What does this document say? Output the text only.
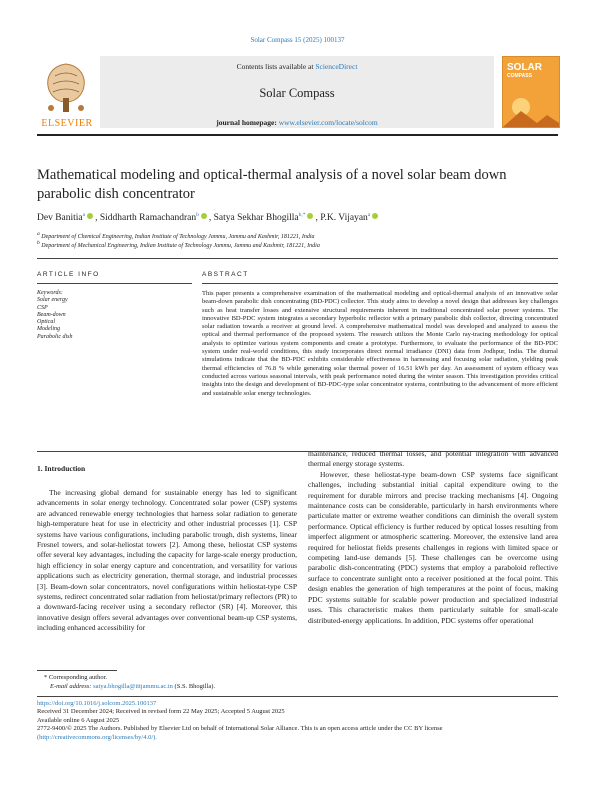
Solar Compass 15 (2025) 100137
ELSEVIER
Contents lists available at ScienceDirect
Solar Compass
journal homepage: www.elsevier.com/locate/solcom
SOLAR
COMPASS
Mathematical modeling and optical-thermal analysis of a novel solar beam down parabolic dish concentrator
Dev Banitia$^a$ , Siddharth Ramachandran$^b$ , Satya Sekhar Bhogilla$^{b,*}$ , P.K. Vijayan$^a$
$^a$ Department of Chemical Engineering, Indian Institute of Technology Jammu, Jammu and Kashmir, 181221, India
$^b$ Department of Mechanical Engineering, Indian Institute of Technology Jammu, Jammu and Kashmir, 181221, India
ARTICLE INFO
Keywords:
Solar energy
CSP
Beam-down
Optical
Modeling
Parabolic dish
ABSTRACT
This paper presents a comprehensive examination of the mathematical modeling and optical-thermal analysis of an innovative solar beam-down parabolic dish concentrating (BD-PDC) collector. This study aims to develop a novel design that addresses key challenges such as heat transfer losses and extensive structural requirements inherent in traditional concentrated solar power systems. The innovative BD-PDC system integrates a secondary hyperbolic reflector with a primary parabolic dish collector, directing concentrated solar radiation towards a receiver at ground level. A comprehensive mathematical model was developed and analyzed to assess the optical and thermal performance of the proposed system. The research utilizes the Monte Carlo ray-tracing methodology for optical analysis to optimize various system components and create a prototype. Furthermore, to evaluate the performance of the BD-PDC system under real-world conditions, this study incorporates direct normal irradiance (DNI) data from Jodhpur, India. The diurnal simulations indicate that the BD-PDC exhibits considerable effectiveness in harnessing and focusing solar radiation, yielding peak thermal efficiencies of 76.8 % while generating solar thermal power of 16.51 kWh per day. An assessment of system efficacy was conducted across various seasonal intervals, with peak performance noted during the winter season. This investigation provides critical insights into the design and development of BD-PDC-type solar concentrator systems, contributing to the advancement of more efficient and sustainable solar energy technologies.
1. Introduction

The increasing global demand for sustainable energy has led to significant advancements in solar energy technology. Concentrated solar power (CSP) systems are advanced renewable energy technologies that harness solar radiation to generate high-temperature heat for use in electricity and other industrial processes [1]. CSP systems have various configurations, including parabolic trough, dish systems, linear Fresnel towers, and solar-heliostat towers [2]. Among these, heliostat CSP systems offer several key advantages, including the capacity for large-scale energy production, high efficiency in solar energy capture and concentration, and versatility for various applications such as electricity generation, thermal storage, and industrial processes [3]. Beam-down solar concentrators, novel configurations within heliostat-type CSP systems, redirect concentrated solar radiation from heliostat/primary reflectors (PR) to a downward-facing receiver using a secondary reflector (SR) [4]. Moreover, this innovative design offers several advantages over conventional beam-up CSP systems, including enhanced accessibility for

maintenance, reduced thermal losses, and potential integration with advanced thermal energy storage systems.

However, these heliostat-type beam-down CSP systems face significant challenges, including substantial initial capital expenditure owing to the requirement for durable mirrors and precise tracking mechanisms [4]. Ongoing maintenance costs can be considerable, particularly in harsh environments where particulate matter or extreme weather conditions can diminish the overall system performance. Optical efficiency is further reduced by optical losses resulting from imperfect alignment or atmospheric scattering. Moreover, the extensive land area required for heliostat fields presents challenges in regions with limited space or competing land-use demands [5]. These challenges can be overcome using parabolic dish-concentrating (PDC) systems that employ a paraboloid reflective surface to concentrate sunlight onto a receiver positioned at the focal point. This design enables the generation of high temperatures at the point of focus, making PDC systems suitable for scalable power production and specialized industrial uses. This characteristic makes them particularly suitable for small-scale distributed-energy applications. In addition, PDC systems offer operational

* Corresponding author.
E-mail address: satya.bhogilla@iitjammu.ac.in (S.S. Bhogilla).
https://doi.org/10.1016/j.solcom.2025.100137
Received 31 December 2024; Received in revised form 22 May 2025; Accepted 5 August 2025
Available online 6 August 2025
2772-9400/© 2025 The Authors. Published by Elsevier Ltd on behalf of International Solar Alliance. This is an open access article under the CC BY license
(http://creativecommons.org/licenses/by/4.0/).
